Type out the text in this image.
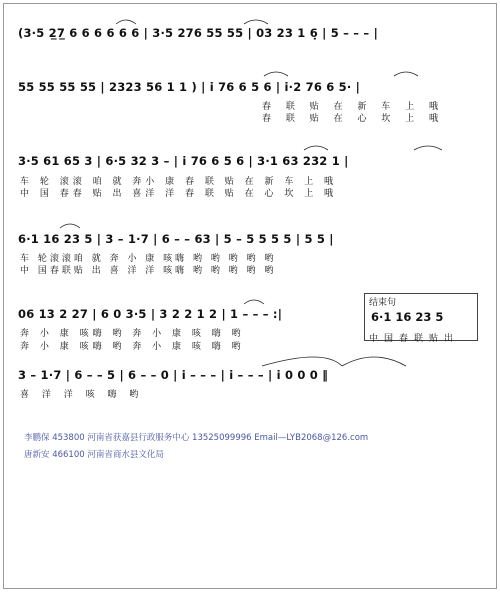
(3·5 2̲7̲ 6 6 6 6 6 6 | 3·5 276 55 55 | 03 23 1 6̣ | 5 – – – |
55 55 55 55 | 2323 56 1 1 ) | i 76 6 5 6 | i·2 76 6 5· |
春 联 贴 在 新 车 上 哦
春 联 贴 在 心 坎 上 哦
3·5 61 65 3 | 6·5 32 3 – | i 76 6 5 6 | 3·1 63 232 1 |
车 轮 滚滚 咱 就 奔小 康 春 联 贴 在 新 车 上 哦
中 国 春春 贴 出 喜洋 洋 春 联 贴 在 心 坎 上 哦
6·1 16 23 5 | 3 – 1·7 | 6 – – 63 | 5 – 5 5 5 5 | 5 5 |
车 轮滚滚咱 就 奔 小 康 咳嗨 哟 哟 哟 哟 哟
中 国春联贴 出 喜 洋 洋 咳嗨 哟 哟 哟 哟 哟
06 13 2 27 | 6 0 3·5 | 3 2 2 1 2 | 1 – – – :|
奔 小 康 咳嗨 哟 奔 小 康 咳 嗨 哟
奔 小 康 咳嗨 哟 奔 小 康 咳 嗨 哟
结束句
6·1 16 23 5
中国春联贴出
3 – 1·7 | 6 – – 5 | 6 – – 0 | i – – – | i – – – | i 0 0 0 ‖
喜 洋 洋 咳 嗨 哟
李鹏保 453800 河南省获嘉县行政服务中心 13525099996 Email—LYB2068@126.com
唐新安 466100 河南省商水县文化局
